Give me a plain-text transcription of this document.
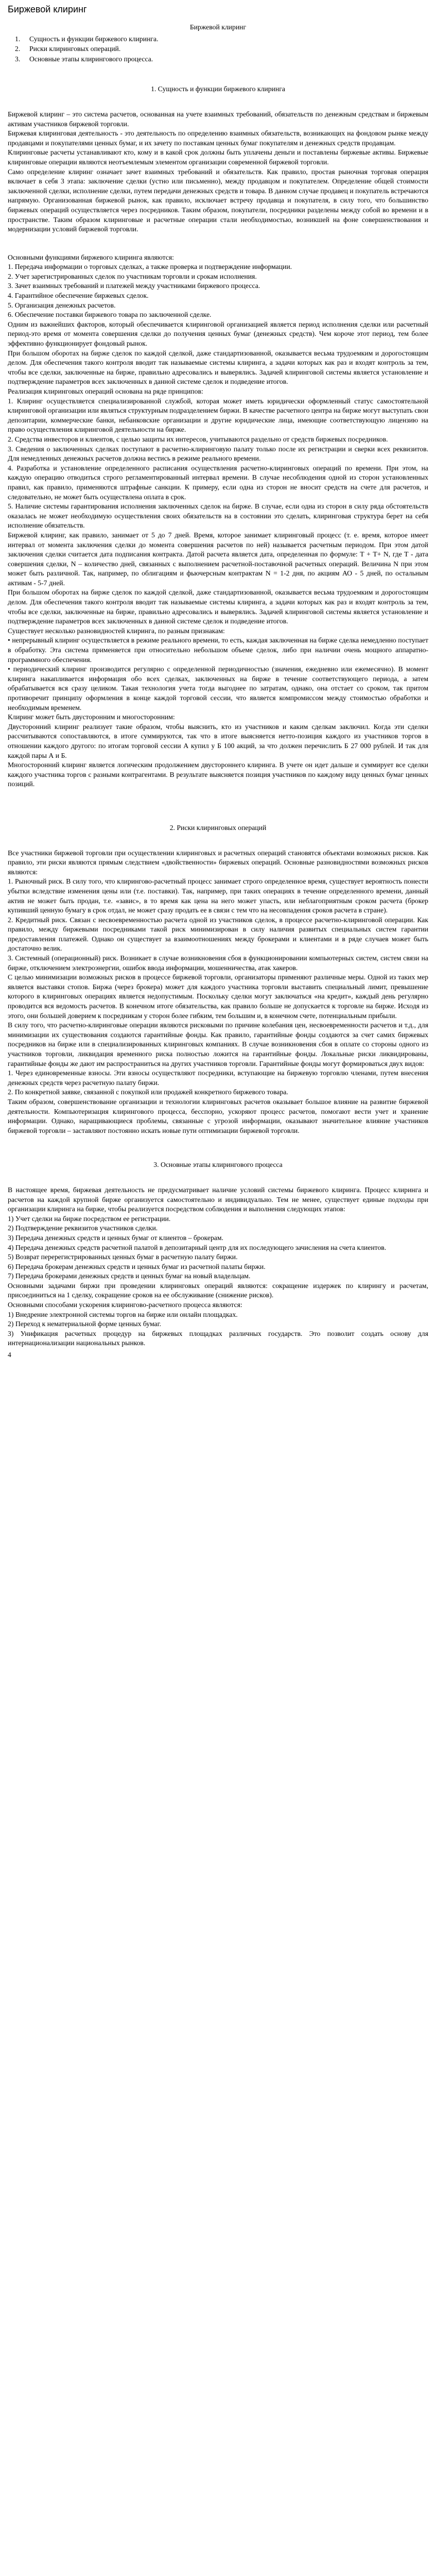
Биржевой клиринг
Биржевой клиринг
1.	Сущность и функции биржевого клиринга.
2.	Риски клиринговых операций.
3.	Основные этапы клирингового процесса.
1. Сущность и функции биржевого клиринга

Биржевой клиринг – это система расчетов, основанная на учете взаимных требований, обязательств по денежным средствам и биржевым активам участников биржевой торговли.

Биржевая клиринговая деятельность - это деятельность по определению взаимных обязательств, возникающих на фондовом рынке между продавцами и покупателями ценных бумаг, и их зачету по поставкам ценных бумаг покупателям и денежных средств продавцам.

Клиринговые расчеты устанавливают кто, кому и в какой срок должны быть уплачены деньги и поставлены биржевые активы. Биржевые клиринговые операции являются неотъемлемым элементом организации современной биржевой торговли.

Само определение клиринг означает зачет взаимных требований и обязательств. Как правило, простая рыночная торговая операция включает в себя 3 этапа: заключение сделки (устно или письменно), между продавцом и покупателем. Определение общей стоимости заключенной сделки, исполнение сделки, путем передачи денежных средств и товара. В данном случае продавец и покупатель встречаются напрямую. Организованная биржевой рынок, как правило, исключает встречу продавца и покупателя, в силу того, что большинство биржевых операций осуществляется через посредников. Таким образом, покупатели, посредники разделены между собой во времени и в пространстве. Таким образом клиринговые и расчетные операции стали необходимостью, возникшей на фоне совершенствования и модернизации условий биржевой торговли.

Основными функциями биржевого клиринга являются:

1. Передача информации о торговых сделках, а также проверка и подтверждение информации.
2. Учет зарегистрированных сделок по участникам торговли и срокам исполнения.
3. Зачет взаимных требований и платежей между участниками биржевого процесса.
4. Гарантийное обеспечение биржевых сделок.
5. Организация денежных расчетов.
6. Обеспечение поставки биржевого товара по заключенной сделке.

Одним из важнейших факторов, который обеспечивается клиринговой организацией является период исполнения сделки или расчетный период-это время от момента совершения сделки до получения ценных бумаг (денежных средств). Чем короче этот период, тем более эффективно функционирует фондовый рынок.

При большом оборотах на бирже сделок по каждой сделкой, даже стандартизованной, оказывается весьма трудоемким и дорогостоящим делом. Для обеспечения такого контроля вводит так называемые системы клиринга, а задачи которых как раз и входят контроль за тем, чтобы все сделки, заключенные на бирже, правильно адресовались и выверялись. Задачей клиринговой системы является установление и подтверждение параметров всех заключенных в данной системе сделок и подведение итогов.

Реализация клиринговых операций основана на ряде принципов:

1. Клиринг осуществляется специализированной службой, которая может иметь юридически оформленный статус самостоятельной клиринговой организации или являться структурным подразделением биржи. В качестве расчетного центра на бирже могут выступать свои депозитарии, коммерческие банки, небанковские организации и другие юридические лица, имеющие соответствующую лицензию на право осуществления клиринговой деятельности на бирже.
2. Средства инвесторов и клиентов, с целью защиты их интересов, учитываются раздельно от средств биржевых посредников.
3. Сведения о заключенных сделках поступают в расчетно-клиринговую палату только после их регистрации и сверки всех реквизитов. Для немедленных денежных расчетов должна вестись в режиме реального времени.
4. Разработка и установление определенного расписания осуществления расчетно-клиринговых операций по времени. При этом, на каждую операцию отводиться строго регламентированный интервал времени. В случае несоблюдения одной из сторон установленных правил, как правило, применяются штрафные санкции. К примеру, если одна из сторон не вносит средств на счете для расчетов, и следовательно, не может быть осуществлена оплата в срок.
5. Наличие системы гарантирования исполнения заключенных сделок на бирже. В случае, если одна из сторон в силу ряда обстоятельств оказалась не может необходимую осуществления своих обязательств на в состоянии это сделать, клиринговая структура берет на себя исполнение обязательств.

Биржевой клиринг, как правило, занимает от 5 до 7 дней. Время, которое занимает клиринговый процесс (т. е. время, которое имеет интервал от момента заключения сделки до момента совершения расчетов по ней) называется расчетным периодом. При этом датой заключения сделки считается дата подписания контракта. Датой расчета является дата, определенная по формуле: Т + Т+ N, где Т - дата совершения сделки, N – количество дней, связанных с выполнением расчетной-поставочной расчетных операций. Величина N при этом может быть различной. Так, например, по облигациям и фьючерсным контрактам N = 1-2 дня, по акциям АО - 5 дней, по остальным активам - 5-7 дней.

При большом оборотах на бирже сделок по каждой сделкой, даже стандартизованной, оказывается весьма трудоемким и дорогостоящим делом. Для обеспечения такого контроля вводит так называемые системы клиринга, а задачи которых как раз и входят контроль за тем, чтобы все сделки, заключенные на бирже, правильно адресовались и выверялись. Задачей клиринговой системы является установление и подтверждение параметров всех заключенных в данной системе сделок и подведение итогов.

Существует несколько разновидностей клиринга, по разным признакам:

• непрерывный клиринг осуществляется в режиме реального времени, то есть, каждая заключенная на бирже сделка немедленно поступает в обработку. Эта система применяется при относительно небольшом объеме сделок, либо при наличии очень мощного аппаратно-программного обеспечения.

• периодический клиринг производится регулярно с определенной периодичностью (значения, ежедневно или ежемесячно). В момент клиринга накапливается информация обо всех сделках, заключенных на бирже в течение соответствующего периода, а затем обрабатывается вся сразу целиком. Такая технология учета тогда выгоднее по затратам, однако, она отстает со сроком, так притом противоречит принципу оформления в конце каждой торговой сессии, что является компромиссом между стоимостью обработки и необходимым временем.

Клиринг может быть двусторонним и многосторонним:

Двусторонний клиринг реализует такие образом, чтобы выяснить, кто из участников и каким сделкам заключил. Когда эти сделки рассчитываются сопоставляются, в итоге суммируются, так что в итоге выясняется нетто-позиция каждого из участников торгов в отношении каждого другого: по итогам торговой сессии А купил у Б 100 акций, за что должен перечислить Б 27 000 рублей. И так для каждой пары А и Б.

Многосторонний клиринг является логическим продолжением двустороннего клиринга. В учете он идет дальше и суммирует все сделки каждого участника торгов с разными контрагентами. В результате выясняется позиция участников по каждому виду ценных бумаг ценных позиций.

2. Риски клиринговых операций

Все участники биржевой торговли при осуществлении клиринговых и расчетных операций становятся объектами возможных рисков. Как правило, эти риски являются прямым следствием «двойственности» биржевых операций. Основные разновидностями возможных рисков являются:

1. Рыночный риск. В силу того, что клирингово-расчетный процесс занимает строго определенное время, существует вероятность понести убытки вследствие изменения цены или (т.е. поставки). Так, например, при таких операциях в течение определенного времени, данный актив не может быть продан, т.е. «завис», в то время как цена на него может упасть, или неблагоприятным сроком расчета (брокер купивший ценную бумагу в срок отдал, не может сразу продать ее в связи с тем что на несовпадения сроков расчета в стране).
2. Кредитный риск. Связан с несвоевременностью расчета одной из участников сделок, в процессе расчетно-клиринговой операции. Как правило, между биржевыми посредниками такой риск минимизирован в силу наличия развитых специальных систем гарантии предоставления платежей. Однако он существует за взаимоотношениях между брокерами и клиентами и в ряде случаев может быть достаточно велик.
3. Системный (операционный) риск. Возникает в случае возникновения сбоя в функционировании компьютерных систем, систем связи на бирже, отключением электроэнергии, ошибок ввода информации, мошенничества, атак хакеров.

С целью минимизации возможных рисков в процессе биржевой торговли, организаторы применяют различные меры. Одной из таких мер является выставки стопов. Биржа (через брокера) может для каждого участника торговли выставить специальный лимит, превышение которого в клиринговых операциях является недопустимым. Поскольку сделки могут заключаться «на кредит», каждый день регулярно проводится вся ведомость расчетов. В конечном итоге обязательства, как правило больше не допускается к торговле на бирже. Исходя из этого, они большей доверием к посредникам у сторон более гибким, тем большим и, в конечном счете, потенциальным прибыли.

В силу того, что расчетно-клиринговые операции являются рисковыми по причине колебания цен, несвоевременности расчетов и т.д., для минимизации их существования создаются гарантийные фонды. Как правило, гарантийные фонды создаются за счет самих биржевых посредников на бирже или в специализированных клиринговых компаниях. В случае возникновения сбоя в оплате со стороны одного из участников торговли, ликвидация временного риска полностью ложится на гарантийные фонды. Локальные риски ликвидированы, гарантийные фонды же дают им распространиться на других участников торговли. Гарантийные фонды могут формироваться двух видов:

1. Через единовременные взносы. Эти взносы осуществляют посредники, вступающие на биржевую торговлю членами, путем внесения денежных средств через расчетную палату биржи.
2. По конкретной заявке, связанной с покупкой или продажей конкретного биржевого товара.

Таким образом, совершенствование организации и технологии клиринговых расчетов оказывает большое влияние на развитие биржевой деятельности. Компьютеризация клирингового процесса, бесспорно, ускоряют процесс расчетов, помогают вести учет и хранение информации. Однако, наращивающиеся проблемы, связанные с угрозой информации, оказывают значительное влияние участников биржевой торговли – заставляют постоянно искать новые пути оптимизации биржевой торговли.

3. Основные этапы клирингового процесса

В настоящее время, биржевая деятельность не предусматривает наличие условий системы биржевого клиринга. Процесс клиринга и расчетов на каждой крупной бирже организуется самостоятельно и индивидуально. Тем не менее, существует единые подходы при организации клиринга на бирже, чтобы реализуется посредством соблюдения и выполнения следующих этапов:

1) Учет сделки на бирже посредством ее регистрации.
2) Подтверждение реквизитов участников сделки.
3) Передача денежных средств и ценных бумаг от клиентов – брокерам.
4) Передача денежных средств расчетной палатой в депозитарный центр для их последующего зачисления на счета клиентов.
5) Возврат перерегистрированных ценных бумаг в расчетную палату биржи.
6) Передача брокерам денежных средств и ценных бумаг из расчетной палаты биржи.
7) Передача брокерами денежных средств и ценных бумаг на новый владельцам.

Основными задачами биржи при проведении клиринговых операций являются: сокращение издержек по клирингу и расчетам, присоединиться на 1 сделку, сокращение сроков на ее обслуживание (снижение рисков).

Основными способами ускорения клирингово-расчетного процесса являются:

1) Внедрение электронной системы торгов на бирже или онлайн площадках.
2) Переход к нематериальной форме ценных бумаг.
3) Унификация расчетных процедур на биржевых площадках различных государств. Это позволит создать основу для интернационализации национальных рынков.
4
